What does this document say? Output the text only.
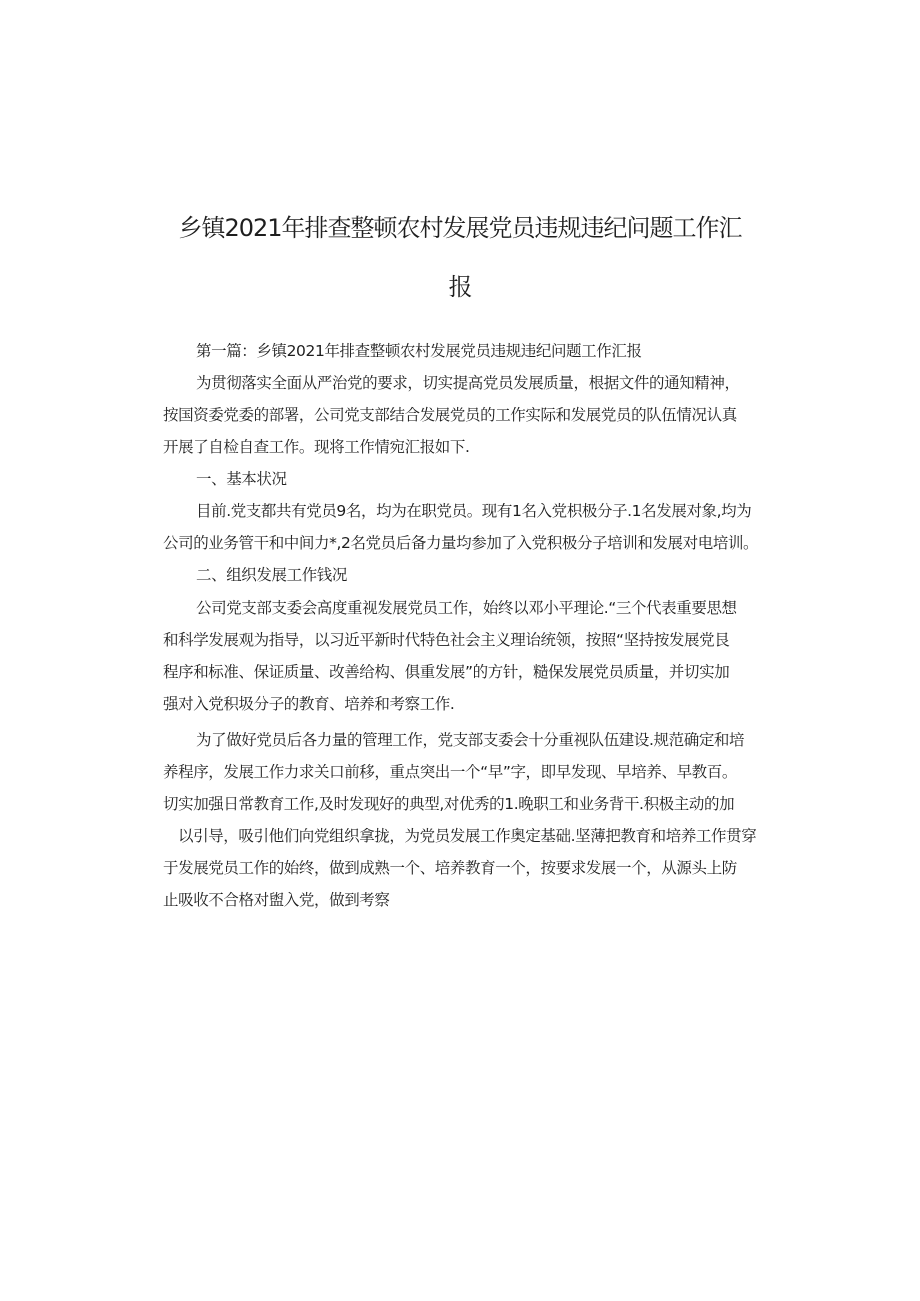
乡镇2021年排查整顿农村发展党员违规违纪问题工作汇
报

第一篇：乡镇2021年排查整顿农村发展党员违规违纪问题工作汇报

为贯彻落实全面从严治党的要求，切实提高党员发展质量，根据文件的通知精神，

按国资委党委的部署，公司党支部结合发展党员的工作实际和发展党员的队伍情况认真

开展了自检自查工作。现将工作情宛汇报如下.

一、基本状况

目前.党支都共有党员9名，均为在职党员。现有1名入党枳极分子.1名发展对象,均为

公司的业务管干和中间力*,2名党员后备力量均参加了入党积极分子培训和发展对电培训。

二、组织发展工作钱况

公司党支部支委会高度重视发展党员工作，始终以邓小平理论.“三个代表重要思想

和科学发展观为指导，以习近平新时代特色社会主义理诒统领，按照“坚持按发展党艮

程序和标准、保证质量、改善给构、俱重发展”的方针，糙保发展党员质量，并切实加

强对入党积圾分子的教育、培养和考察工作.

为了做好党员后各力量的管理工作，党支部支委会十分重视队伍建设.规范确定和培

养程序，发展工作力求关口前移，重点突出一个“早”字，即早发现、早培养、早教百。

切实加强日常教育工作,及时发现好的典型,对优秀的1.晚职工和业务背干.积极主动的加

以引导，吸引他们向党组织拿拢，为党员发展工作奥定基础.坚薄把教育和培养工作贯穿

于发展党员工作的始终，做到成熟一个、培养教育一个，按要求发展一个，从源头上防

止吸收不合格对盥入党，做到考察
